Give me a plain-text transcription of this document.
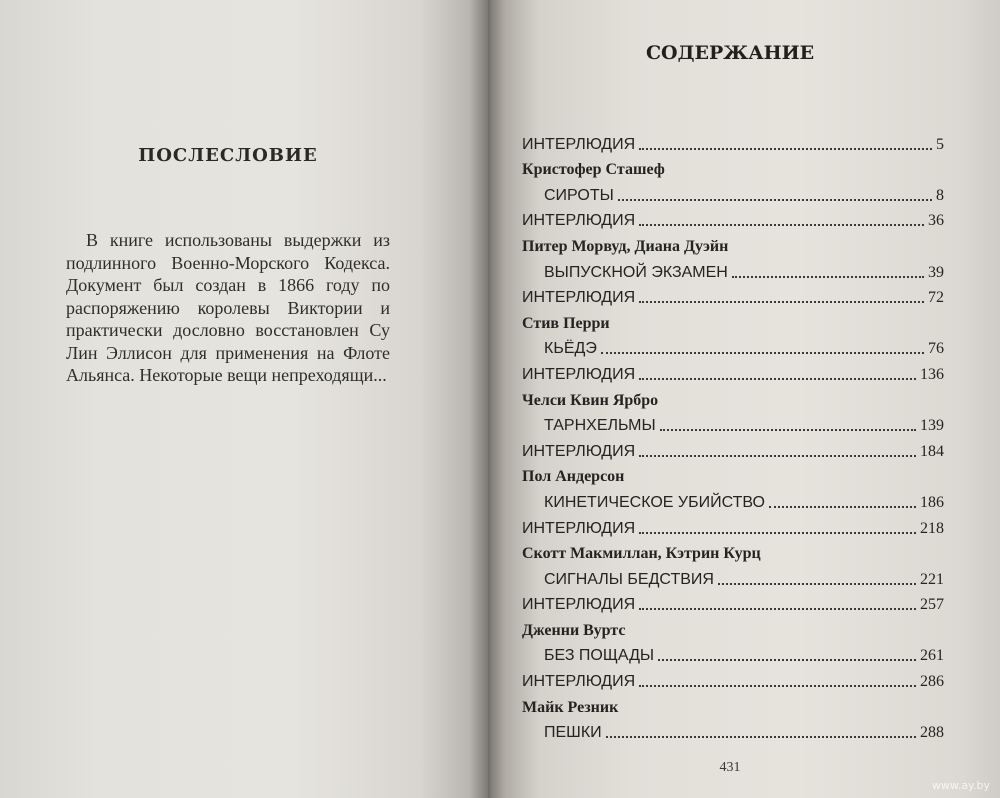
ПОСЛЕСЛОВИЕ

В книге использованы выдержки из подлинного Военно-Морского Кодекса. Документ был создан в 1866 году по распоряжению королевы Виктории и практически дословно восстановлен Су Лин Эллисон для применения на Флоте Альянса. Некоторые вещи непреходящи...

СОДЕРЖАНИЕ
ИНТЕРЛЮДИЯ	5
Кристофер Сташеф
СИРОТЫ	8
ИНТЕРЛЮДИЯ	36
Питер Морвуд, Диана Дуэйн
ВЫПУСКНОЙ ЭКЗАМЕН	39
ИНТЕРЛЮДИЯ	72
Стив Перри
КЬЁДЭ	76
ИНТЕРЛЮДИЯ	136
Челси Квин Ярбро
ТАРНХЕЛЬМЫ	139
ИНТЕРЛЮДИЯ	184
Пол Андерсон
КИНЕТИЧЕСКОЕ УБИЙСТВО	186
ИНТЕРЛЮДИЯ	218
Скотт Макмиллан, Кэтрин Курц
СИГНАЛЫ БЕДСТВИЯ	221
ИНТЕРЛЮДИЯ	257
Дженни Вуртс
БЕЗ ПОЩАДЫ	261
ИНТЕРЛЮДИЯ	286
Майк Резник
ПЕШКИ	288
431
www.ay.by
